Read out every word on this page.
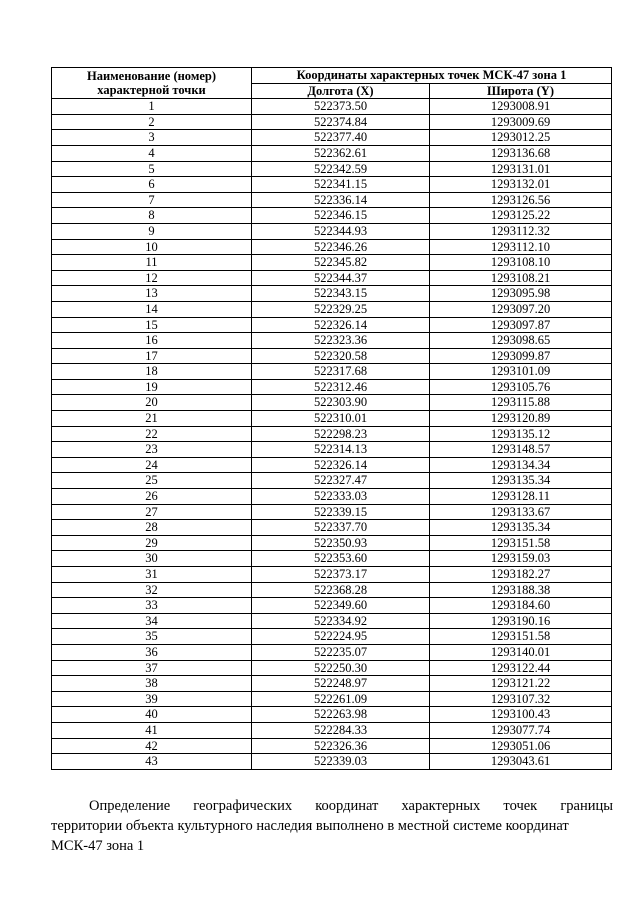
Наименование (номер) характерной точки	Координаты характерных точек МСК-47 зона 1	
	Долгота (X)	Широта (Y)
1	522373.50	1293008.91
2	522374.84	1293009.69
3	522377.40	1293012.25
4	522362.61	1293136.68
5	522342.59	1293131.01
6	522341.15	1293132.01
7	522336.14	1293126.56
8	522346.15	1293125.22
9	522344.93	1293112.32
10	522346.26	1293112.10
11	522345.82	1293108.10
12	522344.37	1293108.21
13	522343.15	1293095.98
14	522329.25	1293097.20
15	522326.14	1293097.87
16	522323.36	1293098.65
17	522320.58	1293099.87
18	522317.68	1293101.09
19	522312.46	1293105.76
20	522303.90	1293115.88
21	522310.01	1293120.89
22	522298.23	1293135.12
23	522314.13	1293148.57
24	522326.14	1293134.34
25	522327.47	1293135.34
26	522333.03	1293128.11
27	522339.15	1293133.67
28	522337.70	1293135.34
29	522350.93	1293151.58
30	522353.60	1293159.03
31	522373.17	1293182.27
32	522368.28	1293188.38
33	522349.60	1293184.60
34	522334.92	1293190.16
35	522224.95	1293151.58
36	522235.07	1293140.01
37	522250.30	1293122.44
38	522248.97	1293121.22
39	522261.09	1293107.32
40	522263.98	1293100.43
41	522284.33	1293077.74
42	522326.36	1293051.06
43	522339.03	1293043.61
Определение географических координат характерных точек границы
территории объекта культурного наследия выполнено в местной системе координат
МСК-47 зона 1
